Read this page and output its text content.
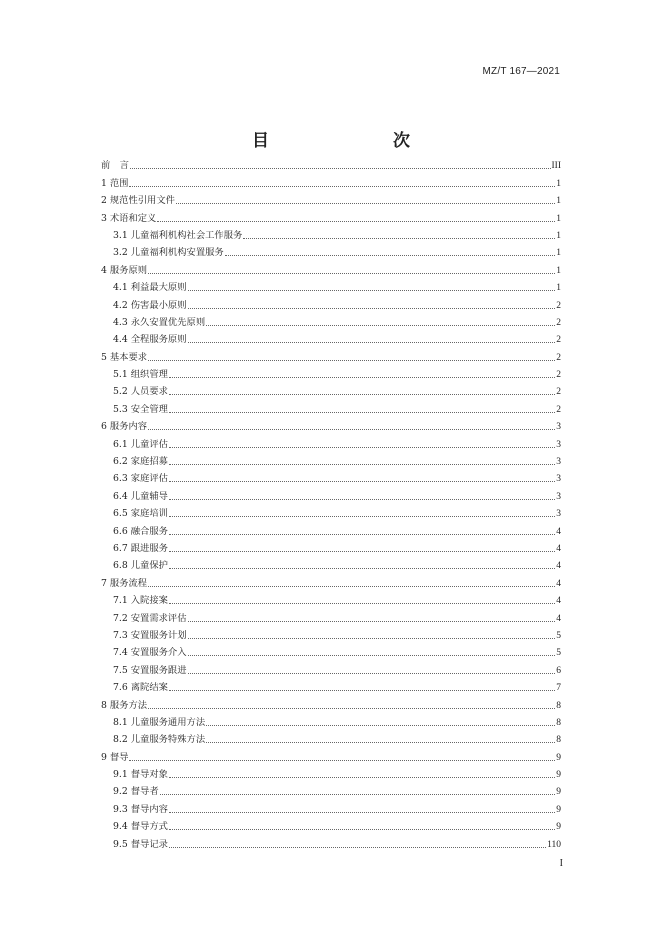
MZ/T 167—2021
目　　次
前　言	III
1 范围	1
2 规范性引用文件	1
3 术语和定义	1
3.1 儿童福利机构社会工作服务	1
3.2 儿童福利机构安置服务	1
4 服务原则	1
4.1 利益最大原则	1
4.2 伤害最小原则	2
4.3 永久安置优先原则	2
4.4 全程服务原则	2
5 基本要求	2
5.1 组织管理	2
5.2 人员要求	2
5.3 安全管理	2
6 服务内容	3
6.1 儿童评估	3
6.2 家庭招募	3
6.3 家庭评估	3
6.4 儿童辅导	3
6.5 家庭培训	3
6.6 融合服务	4
6.7 跟进服务	4
6.8 儿童保护	4
7 服务流程	4
7.1 入院接案	4
7.2 安置需求评估	4
7.3 安置服务计划	5
7.4 安置服务介入	5
7.5 安置服务跟进	6
7.6 离院结案	7
8 服务方法	8
8.1 儿童服务通用方法	8
8.2 儿童服务特殊方法	8
9 督导	9
9.1 督导对象	9
9.2 督导者	9
9.3 督导内容	9
9.4 督导方式	9
9.5 督导记录	110
I
